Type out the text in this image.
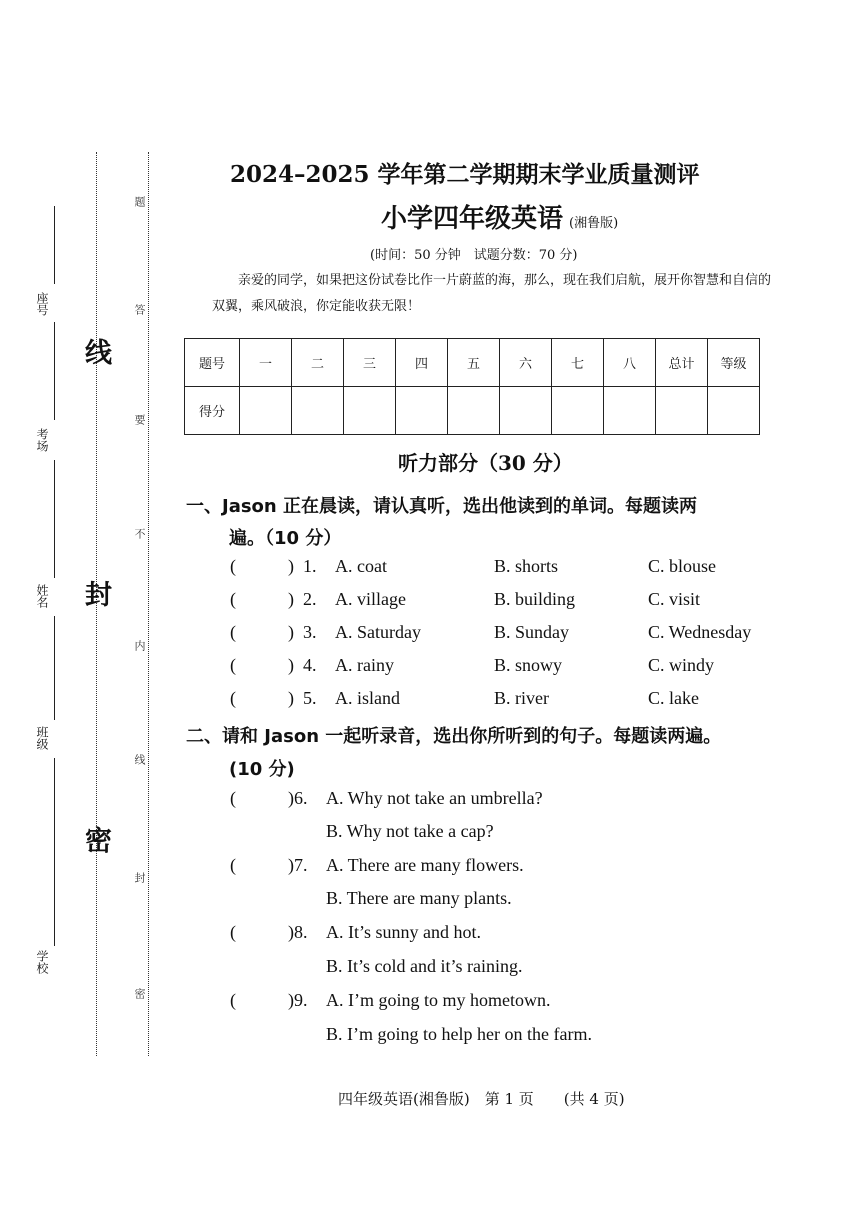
座号
考场
姓名
班级
学校
线
封
密
题
答
要
不
内
线
封
密
2024–2025 学年第二学期期末学业质量测评
小学四年级英语 (湘鲁版)
(时间：50 分钟　试题分数：70 分)
亲爱的同学，如果把这份试卷比作一片蔚蓝的海，那么，现在我们启航，展开你智慧和自信的双翼，乘风破浪，你定能收获无限！
题号	一	二	三	四	五	六	七	八	总计	等级
得分										
听力部分（30 分）
一、Jason 正在晨读，请认真听，选出他读到的单词。每题读两
遍。（10 分）
(	) 1. A. coat	B. shorts	C. blouse
(	) 2. A. village	B. building	C. visit
(	) 3. A. Saturday	B. Sunday	C. Wednesday
(	) 4. A. rainy	B. snowy	C. windy
(	) 5. A. island	B. river	C. lake
二、请和 Jason 一起听录音，选出你所听到的句子。每题读两遍。
(10 分)
(	)6. A. Why not take an umbrella?
B. Why not take a cap?
(	)7. A. There are many flowers.
B. There are many plants.
(	)8. A. It’s sunny and hot.
B. It’s cold and it’s raining.
(	)9. A. I’m going to my hometown.
B. I’m going to help her on the farm.
四年级英语(湘鲁版)　第 1 页　　(共 4 页)
